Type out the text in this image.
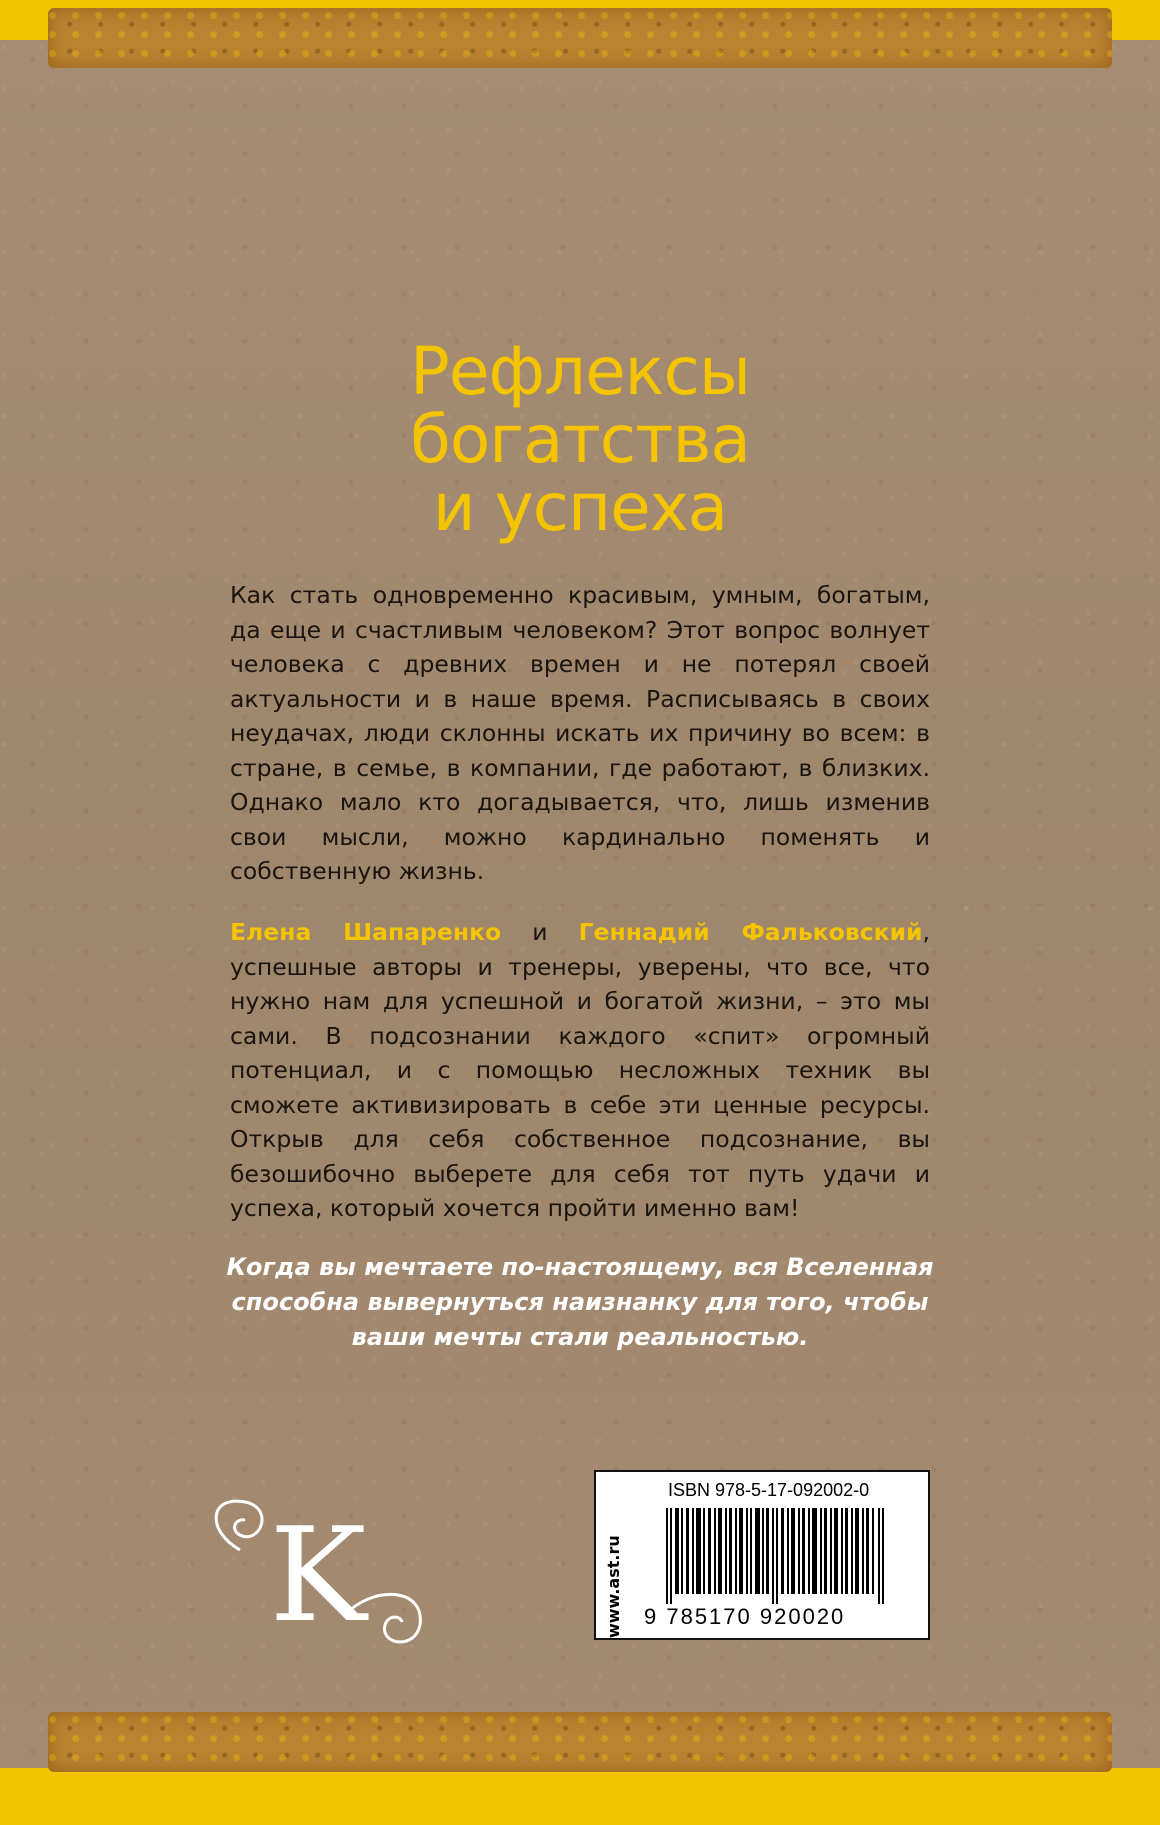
Рефлексы
богатства
и успеха
Как стать одновременно красивым, умным, богатым, да еще и счастливым человеком? Этот вопрос волнует человека с древних времен и не потерял своей актуальности и в наше время. Расписываясь в своих неудачах, люди склонны искать их причину во всем: в стране, в семье, в компании, где работают, в близких. Однако мало кто догадывается, что, лишь изменив свои мысли, можно кардинально поменять и собственную жизнь.
Елена Шапаренко и Геннадий Фальковский, успешные авторы и тренеры, уверены, что все, что нужно нам для успешной и богатой жизни, – это мы сами. В подсознании каждого «спит» огромный потенциал, и с помощью несложных техник вы сможете активизировать в себе эти ценные ресурсы. Открыв для себя собственное подсознание, вы безошибочно выберете для себя тот путь удачи и успеха, который хочется пройти именно вам!
Когда вы мечтаете по-настоящему, вся Вселенная способна вывернуться наизнанку для того, чтобы ваши мечты стали реальностью.
K	www.ast.ru
ISBN 978-5-17-092002-0
9 785170 920020
